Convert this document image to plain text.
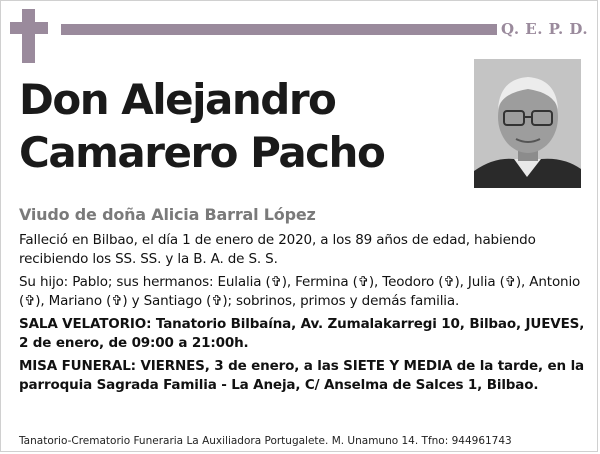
Q. E. P. D.
Don Alejandro
Camarero Pacho
Viudo de doña Alicia Barral López

Falleció en Bilbao, el día 1 de enero de 2020, a los 89 años de edad, habiendo recibiendo los SS. SS. y la B. A. de S. S.

Su hijo: Pablo; sus hermanos: Eulalia (✞), Fermina (✞), Teodoro (✞), Julia (✞), Antonio (✞), Mariano (✞) y Santiago (✞); sobrinos, primos y demás familia.

SALA VELATORIO: Tanatorio Bilbaína, Av. Zumalakarregi 10, Bilbao, JUEVES, 2 de enero, de 09:00 a 21:00h.

MISA FUNERAL: VIERNES, 3 de enero, a las SIETE Y MEDIA de la tarde, en la parroquia Sagrada Familia - La Aneja, C/ Anselma de Salces 1, Bilbao.

Tanatorio-Crematorio Funeraria La Auxiliadora Portugalete. M. Unamuno 14. Tfno: 944961743
